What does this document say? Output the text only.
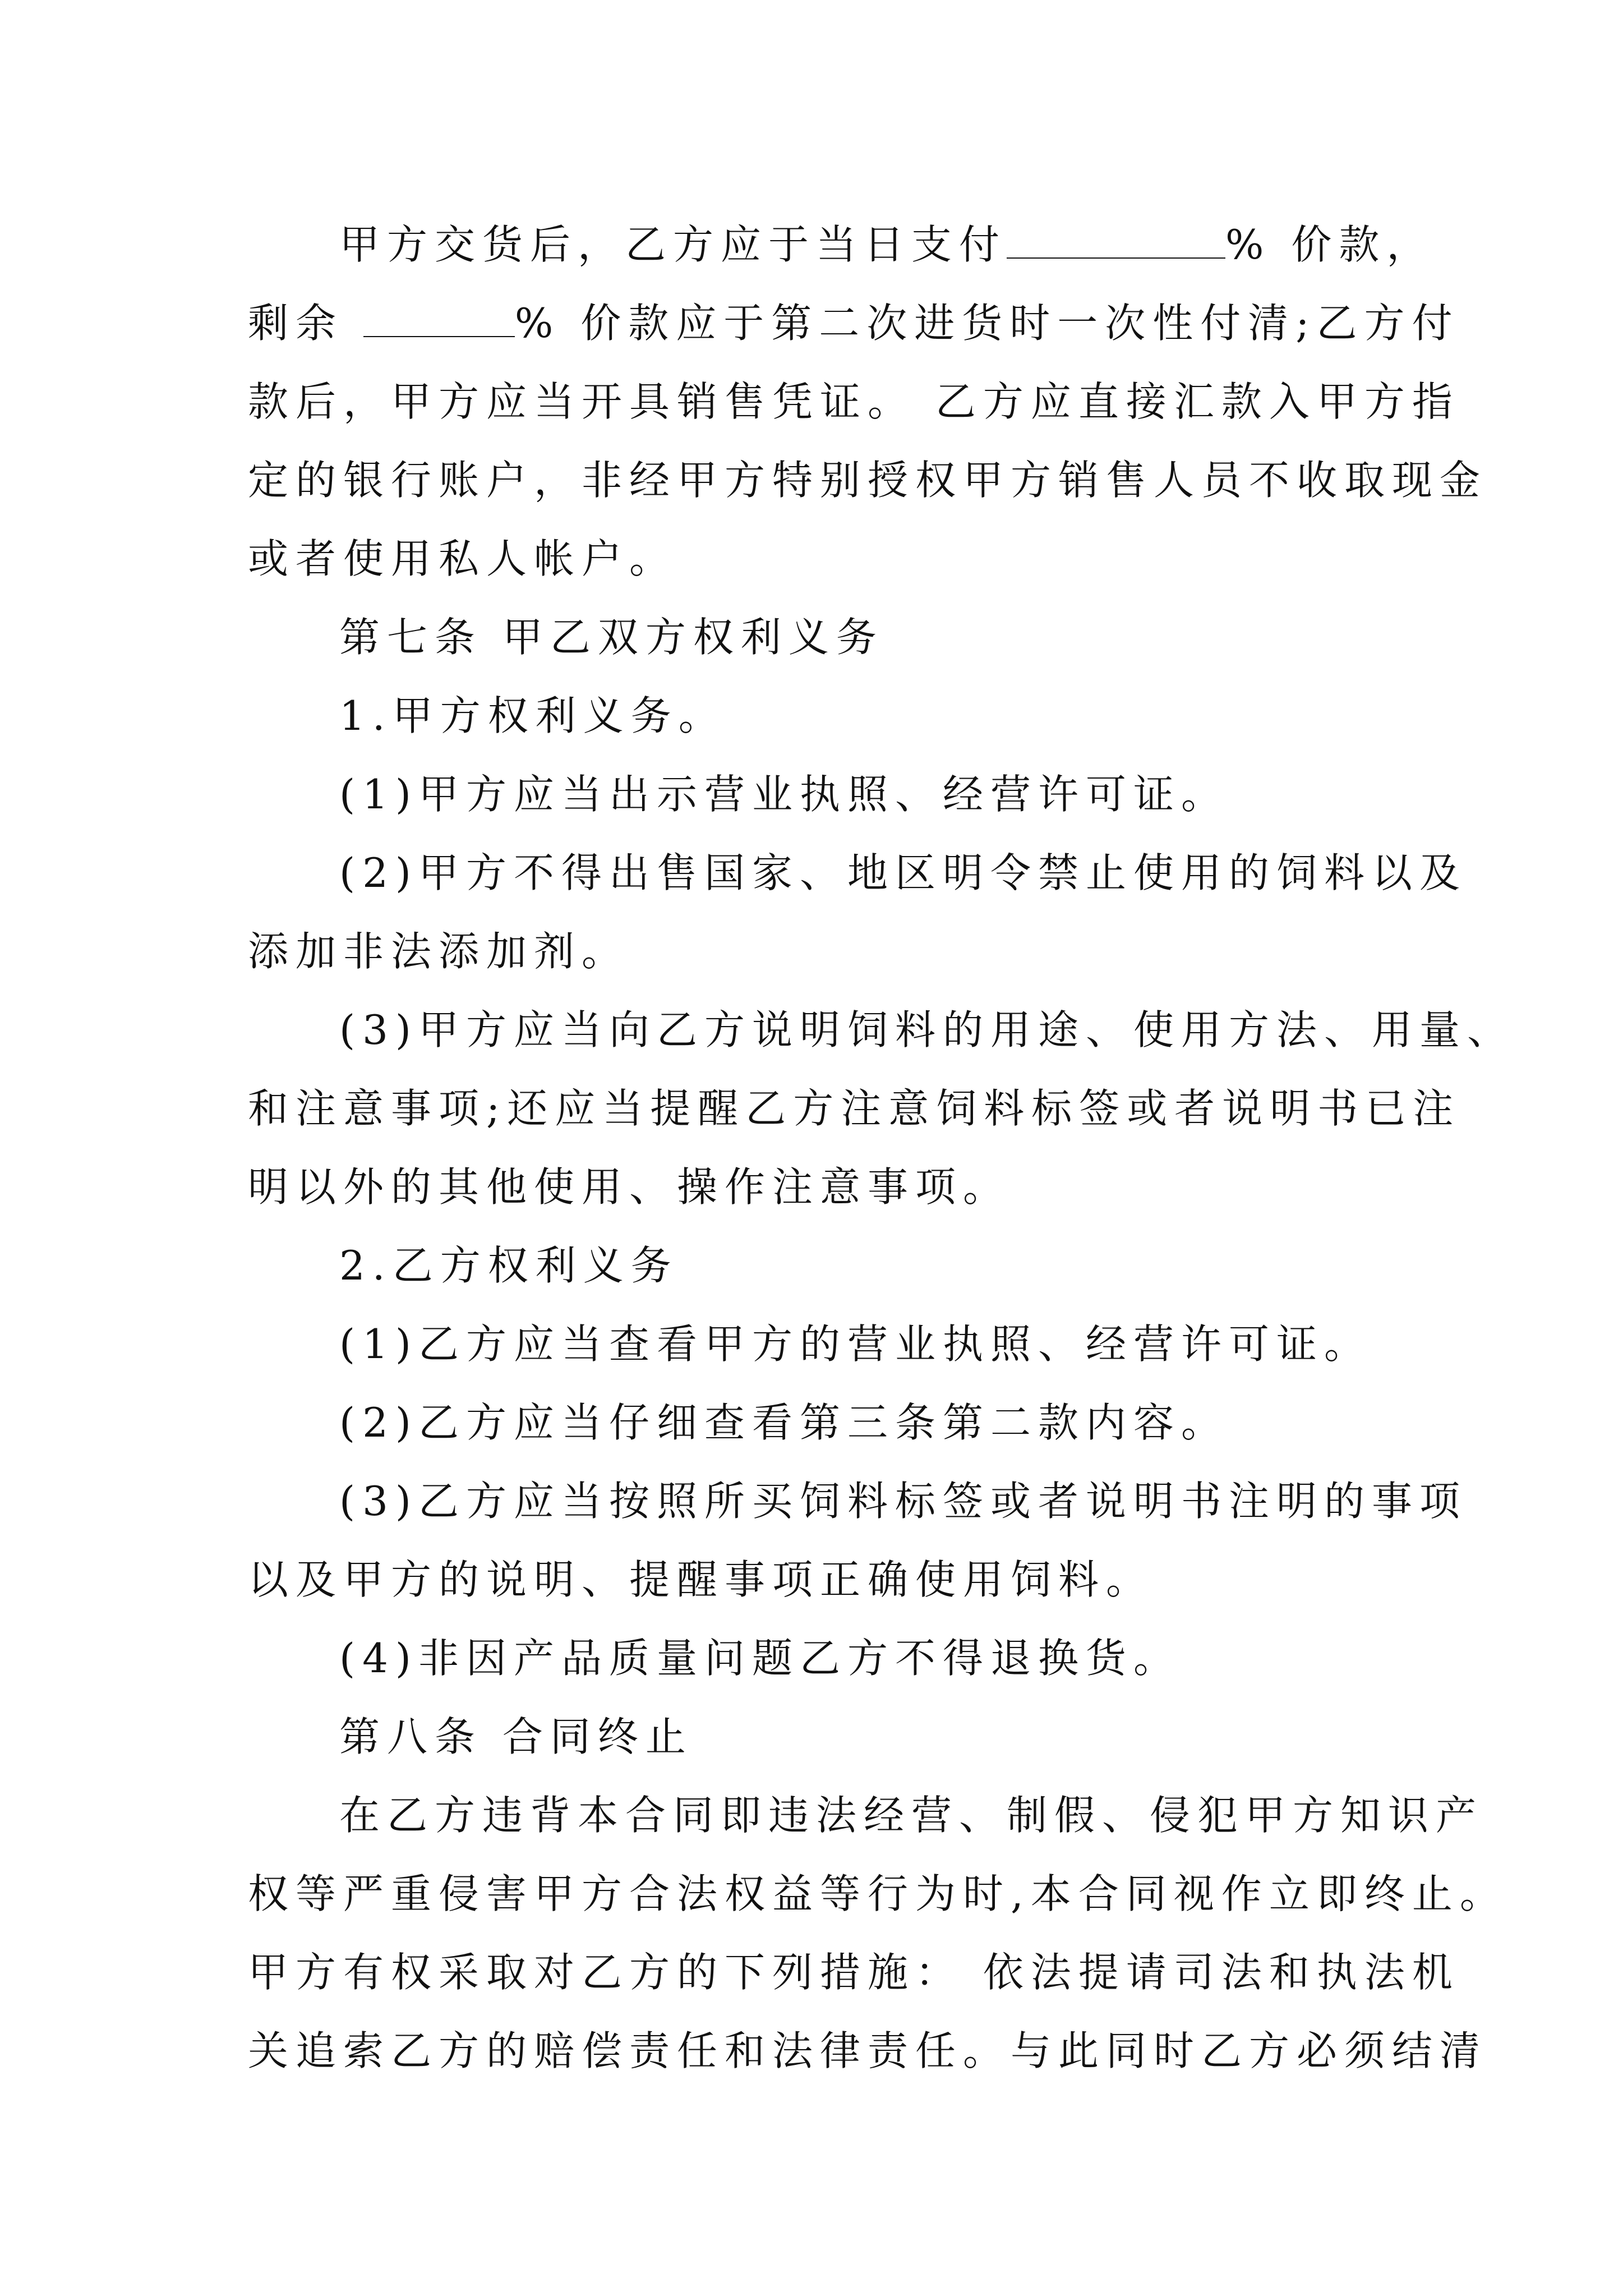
甲方交货后，乙方应于当日支付	% 价款，
剩余	% 价款应于第二次进货时一次性付清;乙方付
款后，甲方应当开具销售凭证。 乙方应直接汇款入甲方指
定的银行账户，非经甲方特别授权甲方销售人员不收取现金
或者使用私人帐户。
第七条 甲乙双方权利义务
1.甲方权利义务。
(1)甲方应当出示营业执照、经营许可证。
(2)甲方不得出售国家、地区明令禁止使用的饲料以及
添加非法添加剂。
(3)甲方应当向乙方说明饲料的用途、使用方法、用量、
和注意事项;还应当提醒乙方注意饲料标签或者说明书已注
明以外的其他使用、操作注意事项。
2.乙方权利义务
(1)乙方应当查看甲方的营业执照、经营许可证。
(2)乙方应当仔细查看第三条第二款内容。
(3)乙方应当按照所买饲料标签或者说明书注明的事项
以及甲方的说明、提醒事项正确使用饲料。
(4)非因产品质量问题乙方不得退换货。
第八条 合同终止
在乙方违背本合同即违法经营、制假、侵犯甲方知识产
权等严重侵害甲方合法权益等行为时,本合同视作立即终止。
甲方有权采取对乙方的下列措施： 依法提请司法和执法机
关追索乙方的赔偿责任和法律责任。与此同时乙方必须结清
